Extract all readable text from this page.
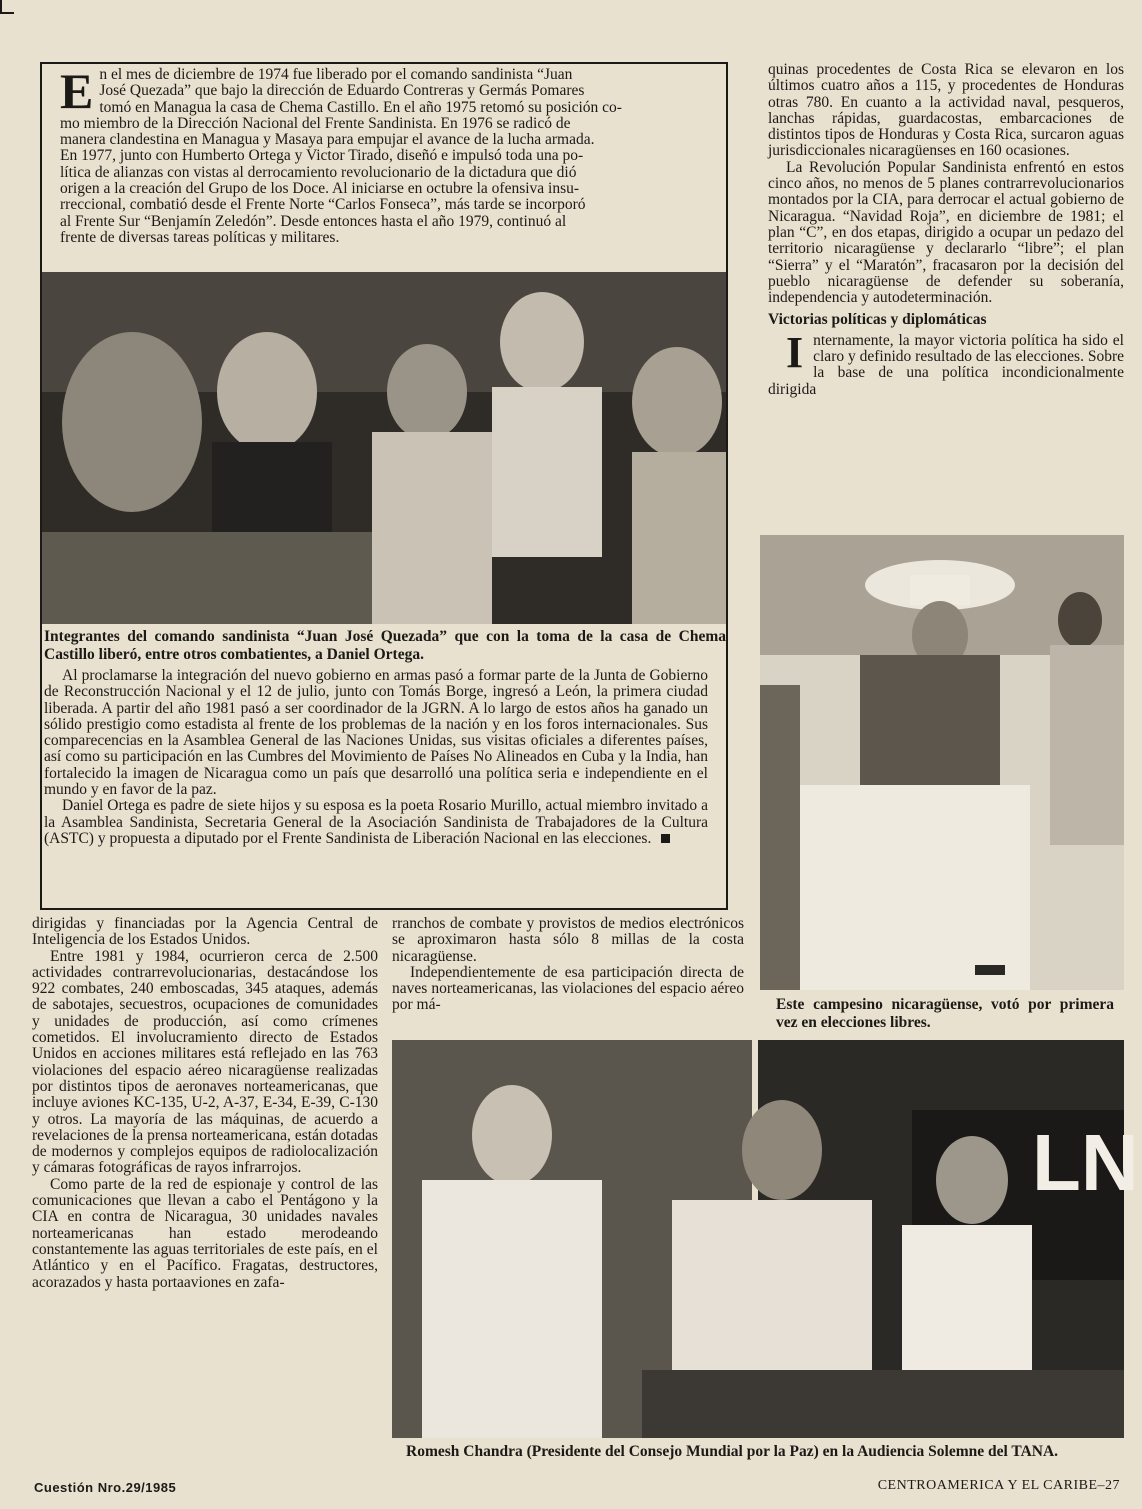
E n el mes de diciembre de 1974 fue liberado por el comando sandinista “Juan
José Quezada” que bajo la dirección de Eduardo Contreras y Germás Pomares
tomó en Managua la casa de Chema Castillo. En el año 1975 retomó su posición co-
mo miembro de la Dirección Nacional del Frente Sandinista. En 1976 se radicó de
manera clandestina en Managua y Masaya para empujar el avance de la lucha armada.
En 1977, junto con Humberto Ortega y Victor Tirado, diseñó e impulsó toda una po-
lítica de alianzas con vistas al derrocamiento revolucionario de la dictadura que dió
origen a la creación del Grupo de los Doce. Al iniciarse en octubre la ofensiva insu-
rreccional, combatió desde el Frente Norte “Carlos Fonseca”, más tarde se incorporó
al Frente Sur “Benjamín Zeledón”. Desde entonces hasta el año 1979, continuó al
frente de diversas tareas políticas y militares.
Integrantes del comando sandinista “Juan José Quezada” que con la toma de la casa de Chema Castillo liberó, entre otros combatientes, a Daniel Ortega.

Al proclamarse la integración del nuevo gobierno en armas pasó a formar parte de la Junta de Gobierno de Reconstrucción Nacional y el 12 de julio, junto con Tomás Borge, ingresó a León, la primera ciudad liberada. A partir del año 1981 pasó a ser coordinador de la JGRN. A lo largo de estos años ha ganado un sólido prestigio como estadista al frente de los problemas de la nación y en los foros internacionales. Sus comparecencias en la Asamblea General de las Naciones Unidas, sus visitas oficiales a diferentes países, así como su participación en las Cumbres del Movimiento de Países No Alineados en Cuba y la India, han fortalecido la imagen de Nicaragua como un país que desarrolló una política seria e independiente en el mundo y en favor de la paz.

Daniel Ortega es padre de siete hijos y su esposa es la poeta Rosario Murillo, actual miembro invitado a la Asamblea Sandinista, Secretaria General de la Asociación Sandinista de Trabajadores de la Cultura (ASTC) y propuesta a diputado por el Frente Sandinista de Liberación Nacional en las elecciones.

quinas procedentes de Costa Rica se elevaron en los últimos cuatro años a 115, y procedentes de Honduras otras 780. En cuanto a la actividad naval, pesqueros, lanchas rápidas, guardacostas, embarcaciones de distintos tipos de Honduras y Costa Rica, surcaron aguas jurisdiccionales nicaragüenses en 160 ocasiones.

La Revolución Popular Sandinista enfrentó en estos cinco años, no menos de 5 planes contrarrevolucionarios montados por la CIA, para derrocar el actual gobierno de Nicaragua. “Navidad Roja”, en diciembre de 1981; el plan “C”, en dos etapas, dirigido a ocupar un pedazo del territorio nicaragüense y declararlo “libre”; el plan “Sierra” y el “Maratón”, fracasaron por la decisión del pueblo nicaragüense de defender su soberanía, independencia y autodeterminación.

Victorias políticas y diplomáticas

Internamente, la mayor victoria política ha sido el claro y definido resultado de las elecciones. Sobre la base de una política incondicionalmente dirigida

Este campesino nicaragüense, votó por primera vez en elecciones libres.

dirigidas y financiadas por la Agencia Central de Inteligencia de los Estados Unidos.

Entre 1981 y 1984, ocurrieron cerca de 2.500 actividades contrarrevolucionarias, destacándose los 922 combates, 240 emboscadas, 345 ataques, además de sabotajes, secuestros, ocupaciones de comunidades y unidades de producción, así como crímenes cometidos. El involucramiento directo de Estados Unidos en acciones militares está reflejado en las 763 violaciones del espacio aéreo nicaragüense realizadas por distintos tipos de aeronaves norteamericanas, que incluye aviones KC-135, U-2, A-37, E-34, E-39, C-130 y otros. La mayoría de las máquinas, de acuerdo a revelaciones de la prensa norteamericana, están dotadas de modernos y complejos equipos de radiolocalización y cámaras fotográficas de rayos infrarrojos.

Como parte de la red de espionaje y control de las comunicaciones que llevan a cabo el Pentágono y la CIA en contra de Nicaragua, 30 unidades navales norteamericanas han estado merodeando constantemente las aguas territoriales de este país, en el Atlántico y en el Pacífico. Fragatas, destructores, acorazados y hasta portaaviones en zafa-

rranchos de combate y provistos de medios electrónicos se aproximaron hasta sólo 8 millas de la costa nicaragüense.

Independientemente de esa participación directa de naves norteamericanas, las violaciones del espacio aéreo por má-

LN
Romesh Chandra (Presidente del Consejo Mundial por la Paz) en la Audiencia Solemne del TANA.
Cuestión Nro.29/1985	CENTROAMERICA Y EL CARIBE–27
